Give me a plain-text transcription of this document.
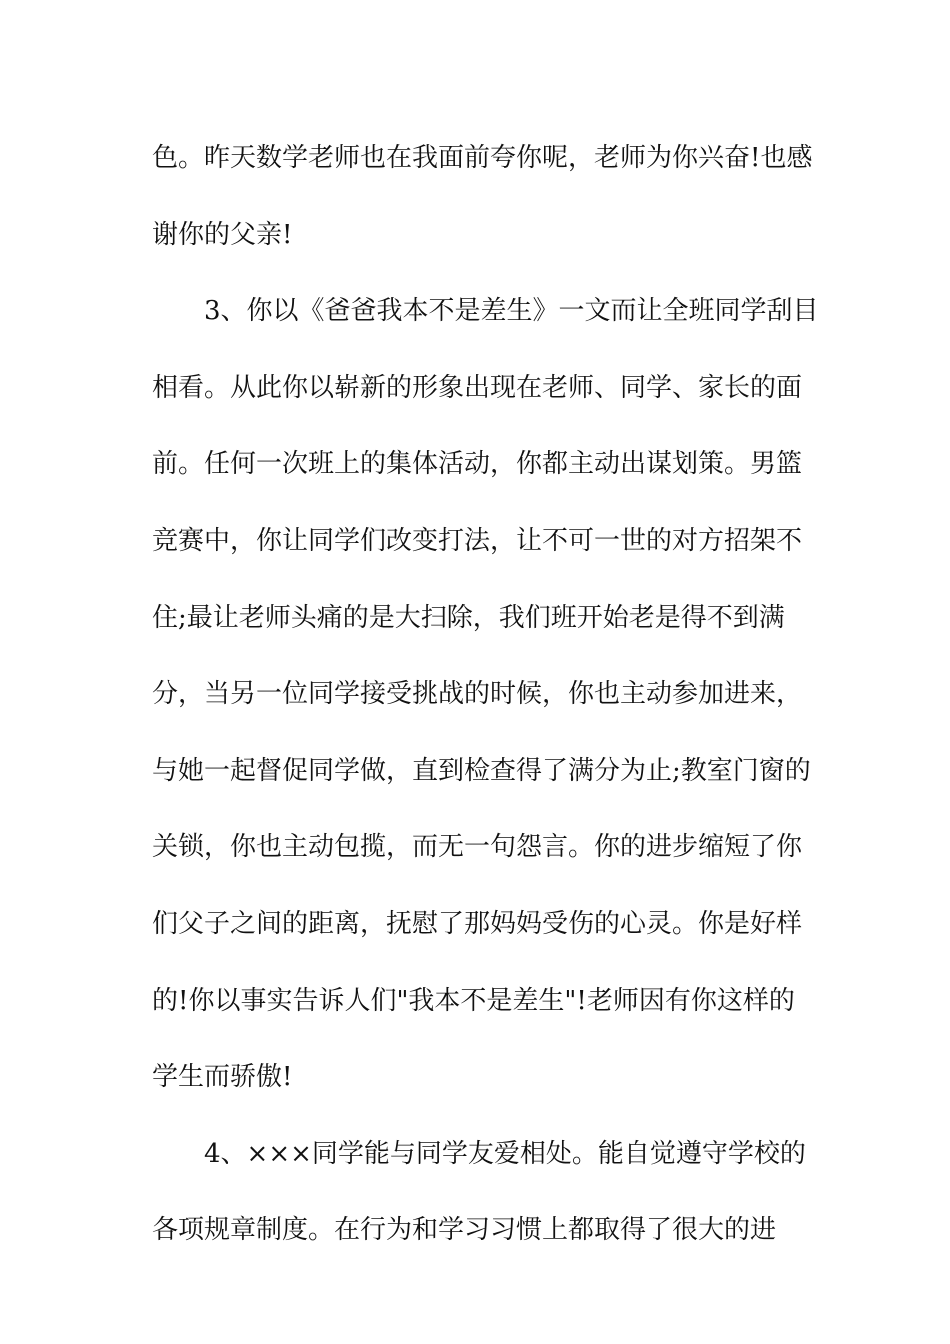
色。昨天数学老师也在我面前夸你呢，老师为你兴奋!也感
谢你的父亲!
3、你以《爸爸我本不是差生》一文而让全班同学刮目
相看。从此你以崭新的形象出现在老师、同学、家长的面
前。任何一次班上的集体活动，你都主动出谋划策。男篮
竞赛中，你让同学们改变打法，让不可一世的对方招架不
住;最让老师头痛的是大扫除，我们班开始老是得不到满
分，当另一位同学接受挑战的时候，你也主动参加进来，
与她一起督促同学做，直到检查得了满分为止;教室门窗的
关锁，你也主动包揽，而无一句怨言。你的进步缩短了你
们父子之间的距离，抚慰了那妈妈受伤的心灵。你是好样
的!你以事实告诉人们"我本不是差生"!老师因有你这样的
学生而骄傲!
4、×××同学能与同学友爱相处。能自觉遵守学校的
各项规章制度。在行为和学习习惯上都取得了很大的进
